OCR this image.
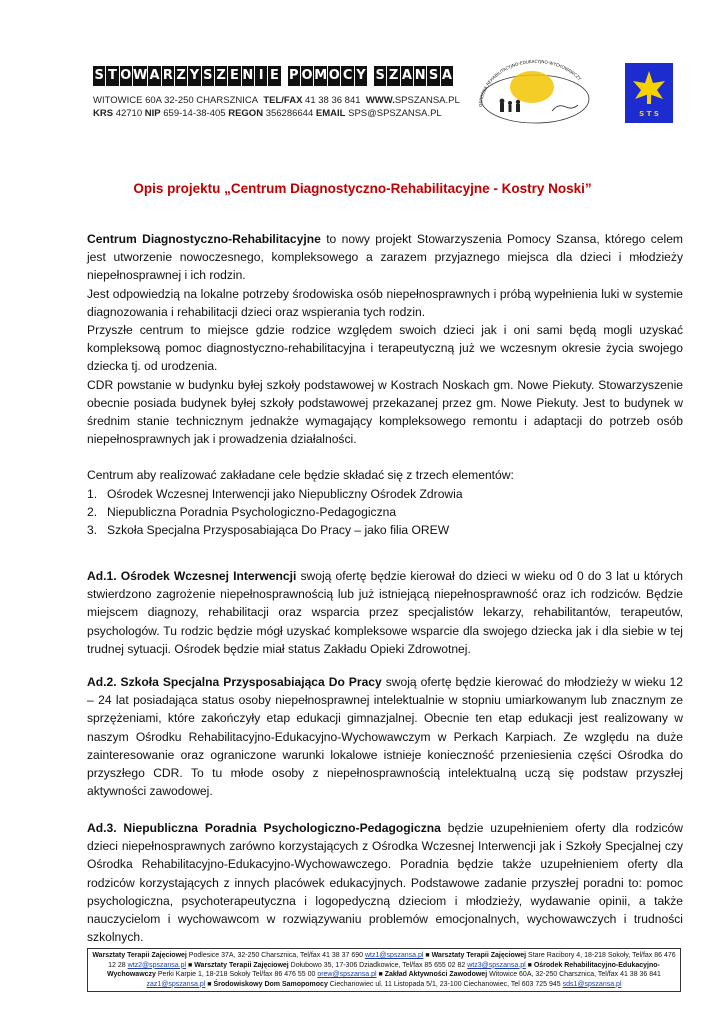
S T O W A R Z Y S Z E N I E P O M O C Y S Z A N S A
WITOWICE 60A 32-250 CHARSZNICA TEL/FAX 41 38 36 841 WWW.SPSZANSA.PL
KRS 42710 NIP 659-14-38-405 REGON 356286644 EMAIL SPS@SPSZANSA.PL
OŚRODEK REHABILITACYJNO-EDUKACYJNO-WYCHOWAWCZY
S T S
Opis projektu „Centrum Diagnostyczno-Rehabilitacyjne - Kostry Noski”

Centrum Diagnostyczno-Rehabilitacyjne to nowy projekt Stowarzyszenia Pomocy Szansa, którego celem jest utworzenie nowoczesnego, kompleksowego a zarazem przyjaznego miejsca dla dzieci i młodzieży niepełnosprawnej i ich rodzin.

Jest odpowiedzią na lokalne potrzeby środowiska osób niepełnosprawnych i próbą wypełnienia luki w systemie diagnozowania i rehabilitacji dzieci oraz wspierania tych rodzin.

Przyszłe centrum to miejsce gdzie rodzice względem swoich dzieci jak i oni sami będą mogli uzyskać kompleksową pomoc diagnostyczno-rehabilitacyjna i terapeutyczną już we wczesnym okresie życia swojego dziecka tj. od urodzenia.

CDR powstanie w budynku byłej szkoły podstawowej w Kostrach Noskach gm. Nowe Piekuty. Stowarzyszenie obecnie posiada budynek byłej szkoły podstawowej przekazanej przez gm. Nowe Piekuty. Jest to budynek w średnim stanie technicznym jednakże wymagający kompleksowego remontu i adaptacji do potrzeb osób niepełnosprawnych jak i prowadzenia działalności.

Centrum aby realizować zakładane cele będzie składać się z trzech elementów:
1. Ośrodek Wczesnej Interwencji jako Niepubliczny Ośrodek Zdrowia
2. Niepubliczna Poradnia Psychologiczno-Pedagogiczna
3. Szkoła Specjalna Przysposabiająca Do Pracy – jako filia OREW

Ad.1. Ośrodek Wczesnej Interwencji swoją ofertę będzie kierował do dzieci w wieku od 0 do 3 lat u których stwierdzono zagrożenie niepełnosprawnością lub już istniejącą niepełnosprawność oraz ich rodziców. Będzie miejscem diagnozy, rehabilitacji oraz wsparcia przez specjalistów lekarzy, rehabilitantów, terapeutów, psychologów. Tu rodzic będzie mógł uzyskać kompleksowe wsparcie dla swojego dziecka jak i dla siebie w tej trudnej sytuacji. Ośrodek będzie miał status Zakładu Opieki Zdrowotnej.

Ad.2. Szkoła Specjalna Przysposabiająca Do Pracy swoją ofertę będzie kierować do młodzieży w wieku 12 – 24 lat posiadająca status osoby niepełnosprawnej intelektualnie w stopniu umiarkowanym lub znacznym ze sprzężeniami, które zakończyły etap edukacji gimnazjalnej. Obecnie ten etap edukacji jest realizowany w naszym Ośrodku Rehabilitacyjno-Edukacyjno-Wychowawczym w Perkach Karpiach. Ze względu na duże zainteresowanie oraz ograniczone warunki lokalowe istnieje konieczność przeniesienia części Ośrodka do przyszłego CDR. To tu młode osoby z niepełnosprawnością intelektualną uczą się podstaw przyszłej aktywności zawodowej.

Ad.3. Niepubliczna Poradnia Psychologiczno-Pedagogiczna będzie uzupełnieniem oferty dla rodziców dzieci niepełnosprawnych zarówno korzystających z Ośrodka Wczesnej Interwencji jak i Szkoły Specjalnej czy Ośrodka Rehabilitacyjno-Edukacyjno-Wychowawczego. Poradnia będzie także uzupełnieniem oferty dla rodziców korzystających z innych placówek edukacyjnych. Podstawowe zadanie przyszłej poradni to: pomoc psychologiczna, psychoterapeutyczna i logopedyczną dzieciom i młodzieży, wydawanie opinii, a także nauczycielom i wychowawcom w rozwiązywaniu problemów emocjonalnych, wychowawczych i trudności szkolnych.

Warsztaty Terapii Zajęciowej Podlesice 37A, 32-250 Charsznica, Tel/fax 41 38 37 690 wtz1@spszansa.pl ■ Warsztaty Terapii Zajęciowej Stare Racibory 4, 18-218 Sokoły, Tel/fax 86 476 12 28 wtz2@spszansa.pl ■ Warsztaty Terapii Zajęciowej Dołubowo 35, 17-306 Dziadkowice, Tel/fax 85 655 02 82 wtz3@spszansa.pl ■ Ośrodek Rehabilitacyjno-Edukacyjno-Wychowawczy Perki Karpie 1, 18-218 Sokoły Tel/fax 86 476 55 00 orew@spszansa.pl ■ Zakład Aktywności Zawodowej Witowice 60A, 32-250 Charsznica, Tel/fax 41 38 36 841 zaz1@spszansa.pl ■ Środowiskowy Dom Samopomocy Ciechanowiec ul. 11 Listopada 5/1, 23-100 Ciechanowiec, Tel 603 725 945 sds1@spszansa.pl
